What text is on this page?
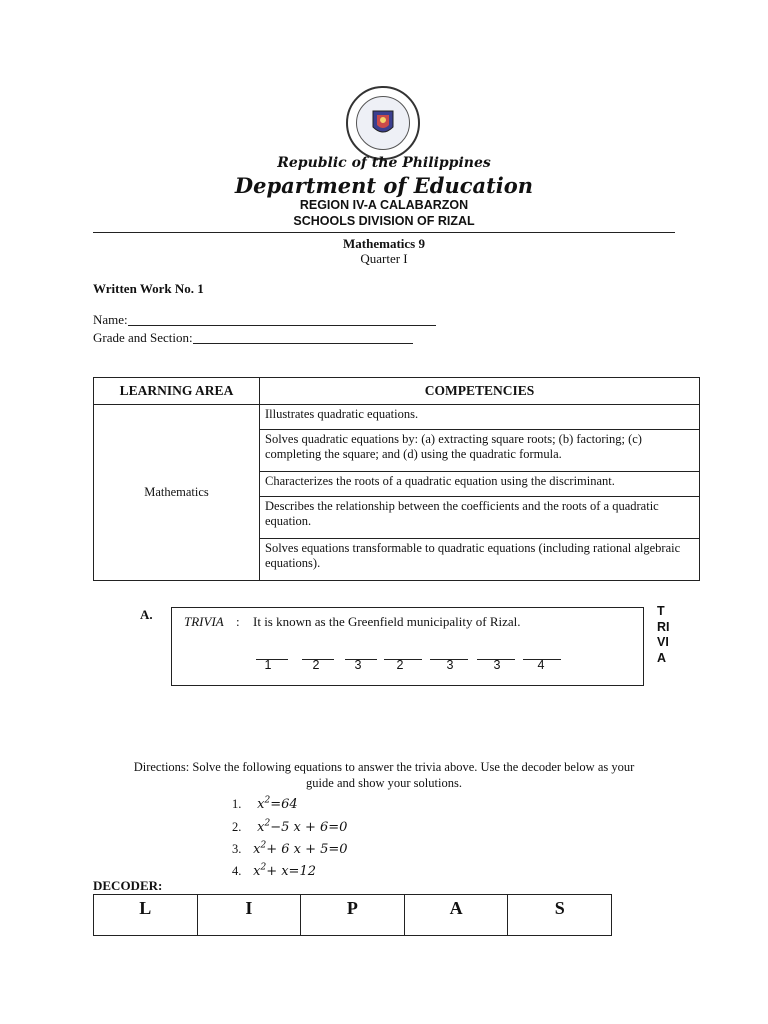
Republic of the Philippines
Department of Education
REGION IV-A CALABARZON
SCHOOLS DIVISION OF RIZAL
Mathematics 9
Quarter I
Written Work No. 1
Name:
Grade and Section:
LEARNING AREA	COMPETENCIES
Mathematics	Illustrates quadratic equations.
	Solves quadratic equations by: (a) extracting square roots; (b) factoring; (c) completing the square; and (d) using the quadratic formula.
	Characterizes the roots of a quadratic equation using the discriminant.
	Describes the relationship between the coefficients and the roots of a quadratic equation.
	Solves equations transformable to quadratic equations (including rational algebraic equations).
A. TRIVIA : It is known as the Greenfield municipality of Rizal.
1	2	3	2	3	3	4
T
RI
VI
A
Directions: Solve the following equations to answer the trivia above. Use the decoder below as your
guide and show your solutions.
1. $x^2=64$
2. $x^2-5$ x + 6=0
3. $x^2+ 6$ x + 5=0
4. $x^2+ x=12$
DECODER:
L	I	P	A	S
